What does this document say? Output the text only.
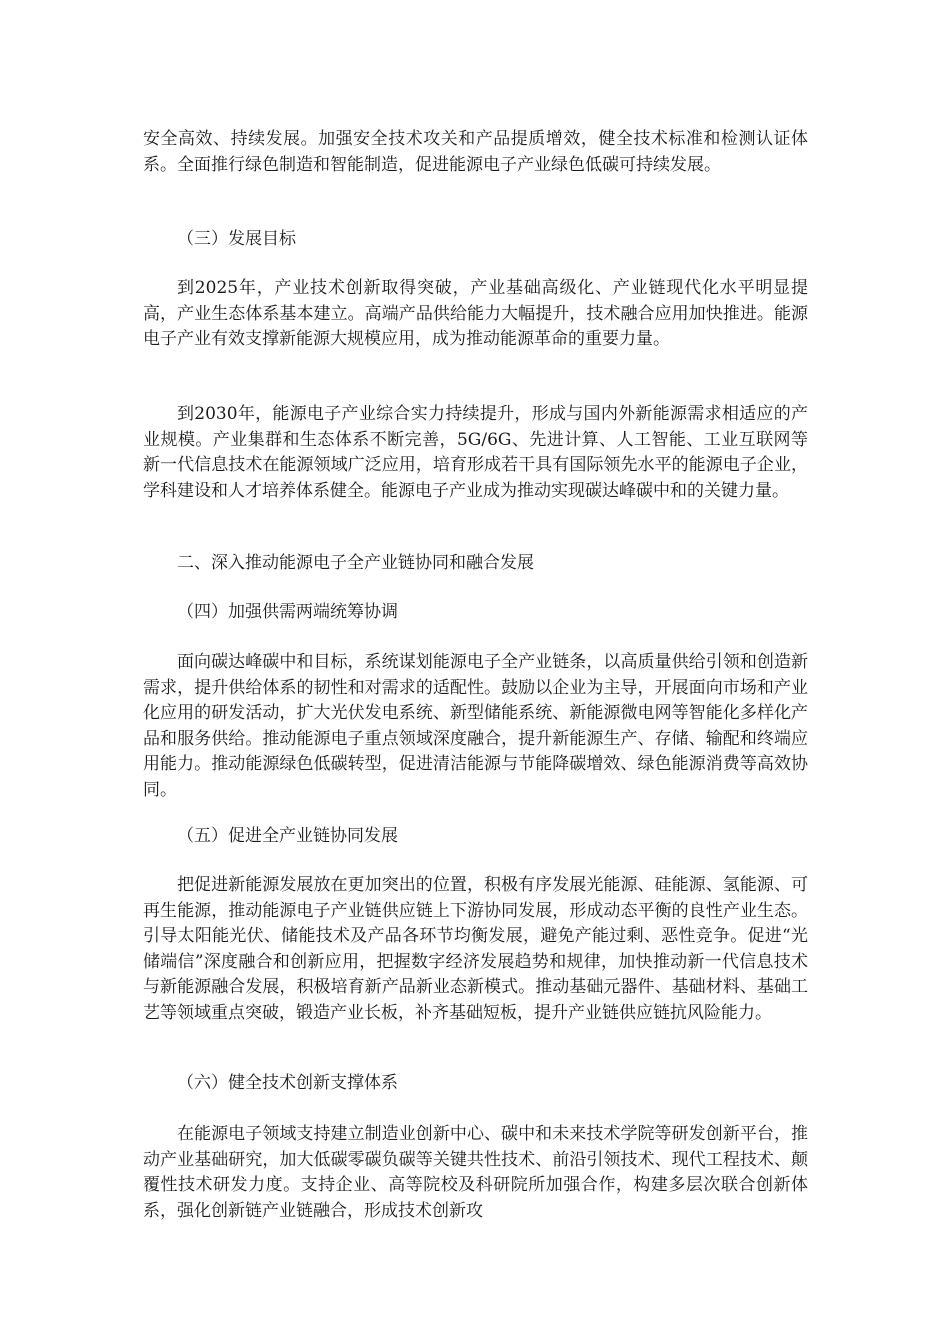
安全高效、持续发展。加强安全技术攻关和产品提质增效，健全技术标准和检测认证体系。全面推行绿色制造和智能制造，促进能源电子产业绿色低碳可持续发展。

（三）发展目标

到2025年，产业技术创新取得突破，产业基础高级化、产业链现代化水平明显提高，产业生态体系基本建立。高端产品供给能力大幅提升，技术融合应用加快推进。能源电子产业有效支撑新能源大规模应用，成为推动能源革命的重要力量。

到2030年，能源电子产业综合实力持续提升，形成与国内外新能源需求相适应的产业规模。产业集群和生态体系不断完善，5G/6G、先进计算、人工智能、工业互联网等新一代信息技术在能源领域广泛应用，培育形成若干具有国际领先水平的能源电子企业，学科建设和人才培养体系健全。能源电子产业成为推动实现碳达峰碳中和的关键力量。

二、深入推动能源电子全产业链协同和融合发展

（四）加强供需两端统筹协调

面向碳达峰碳中和目标，系统谋划能源电子全产业链条，以高质量供给引领和创造新需求，提升供给体系的韧性和对需求的适配性。鼓励以企业为主导，开展面向市场和产业化应用的研发活动，扩大光伏发电系统、新型储能系统、新能源微电网等智能化多样化产品和服务供给。推动能源电子重点领域深度融合，提升新能源生产、存储、输配和终端应用能力。推动能源绿色低碳转型，促进清洁能源与节能降碳增效、绿色能源消费等高效协同。

（五）促进全产业链协同发展

把促进新能源发展放在更加突出的位置，积极有序发展光能源、硅能源、氢能源、可再生能源，推动能源电子产业链供应链上下游协同发展，形成动态平衡的良性产业生态。引导太阳能光伏、储能技术及产品各环节均衡发展，避免产能过剩、恶性竞争。促进“光储端信”深度融合和创新应用，把握数字经济发展趋势和规律，加快推动新一代信息技术与新能源融合发展，积极培育新产品新业态新模式。推动基础元器件、基础材料、基础工艺等领域重点突破，锻造产业长板，补齐基础短板，提升产业链供应链抗风险能力。

（六）健全技术创新支撑体系

在能源电子领域支持建立制造业创新中心、碳中和未来技术学院等研发创新平台，推动产业基础研究，加大低碳零碳负碳等关键共性技术、前沿引领技术、现代工程技术、颠覆性技术研发力度。支持企业、高等院校及科研院所加强合作，构建多层次联合创新体系，强化创新链产业链融合，形成技术创新攻
